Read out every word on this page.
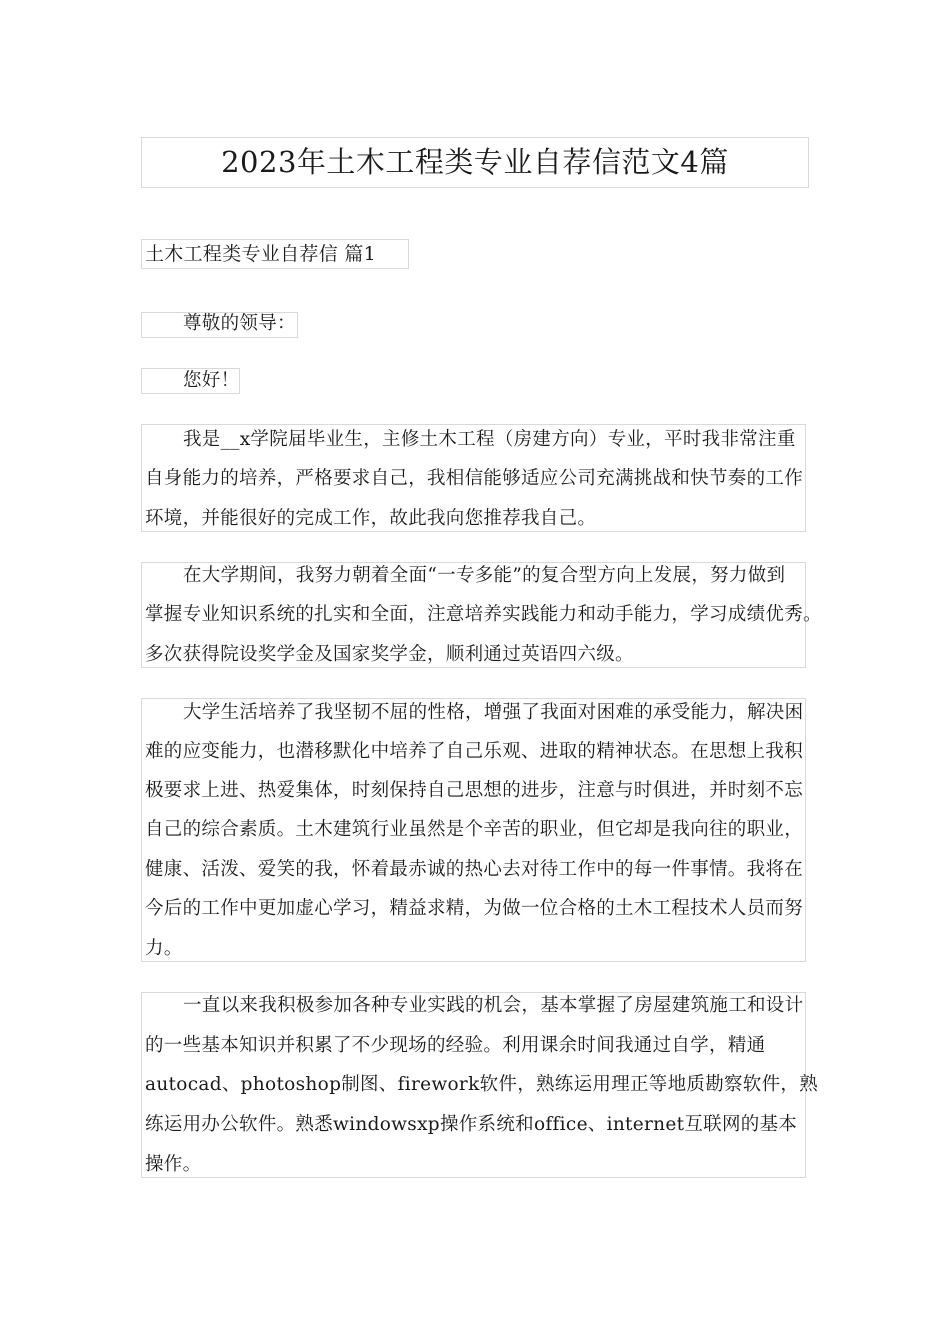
2023年土木工程类专业自荐信范文4篇
土木工程类专业自荐信 篇1
尊敬的领导：
您好！
我是__x学院届毕业生，主修土木工程（房建方向）专业，平时我非常注重
自身能力的培养，严格要求自己，我相信能够适应公司充满挑战和快节奏的工作
环境，并能很好的完成工作，故此我向您推荐我自己。
在大学期间，我努力朝着全面“一专多能”的复合型方向上发展，努力做到
掌握专业知识系统的扎实和全面，注意培养实践能力和动手能力，学习成绩优秀。
多次获得院设奖学金及国家奖学金，顺利通过英语四六级。
大学生活培养了我坚韧不屈的性格，增强了我面对困难的承受能力，解决困
难的应变能力，也潜移默化中培养了自己乐观、进取的精神状态。在思想上我积
极要求上进、热爱集体，时刻保持自己思想的进步，注意与时俱进，并时刻不忘
自己的综合素质。土木建筑行业虽然是个辛苦的职业，但它却是我向往的职业，
健康、活泼、爱笑的我，怀着最赤诚的热心去对待工作中的每一件事情。我将在
今后的工作中更加虚心学习，精益求精，为做一位合格的土木工程技术人员而努
力。
一直以来我积极参加各种专业实践的机会，基本掌握了房屋建筑施工和设计
的一些基本知识并积累了不少现场的经验。利用课余时间我通过自学，精通
autocad、photoshop制图、firework软件，熟练运用理正等地质勘察软件，熟
练运用办公软件。熟悉windowsxp操作系统和office、internet互联网的基本
操作。
